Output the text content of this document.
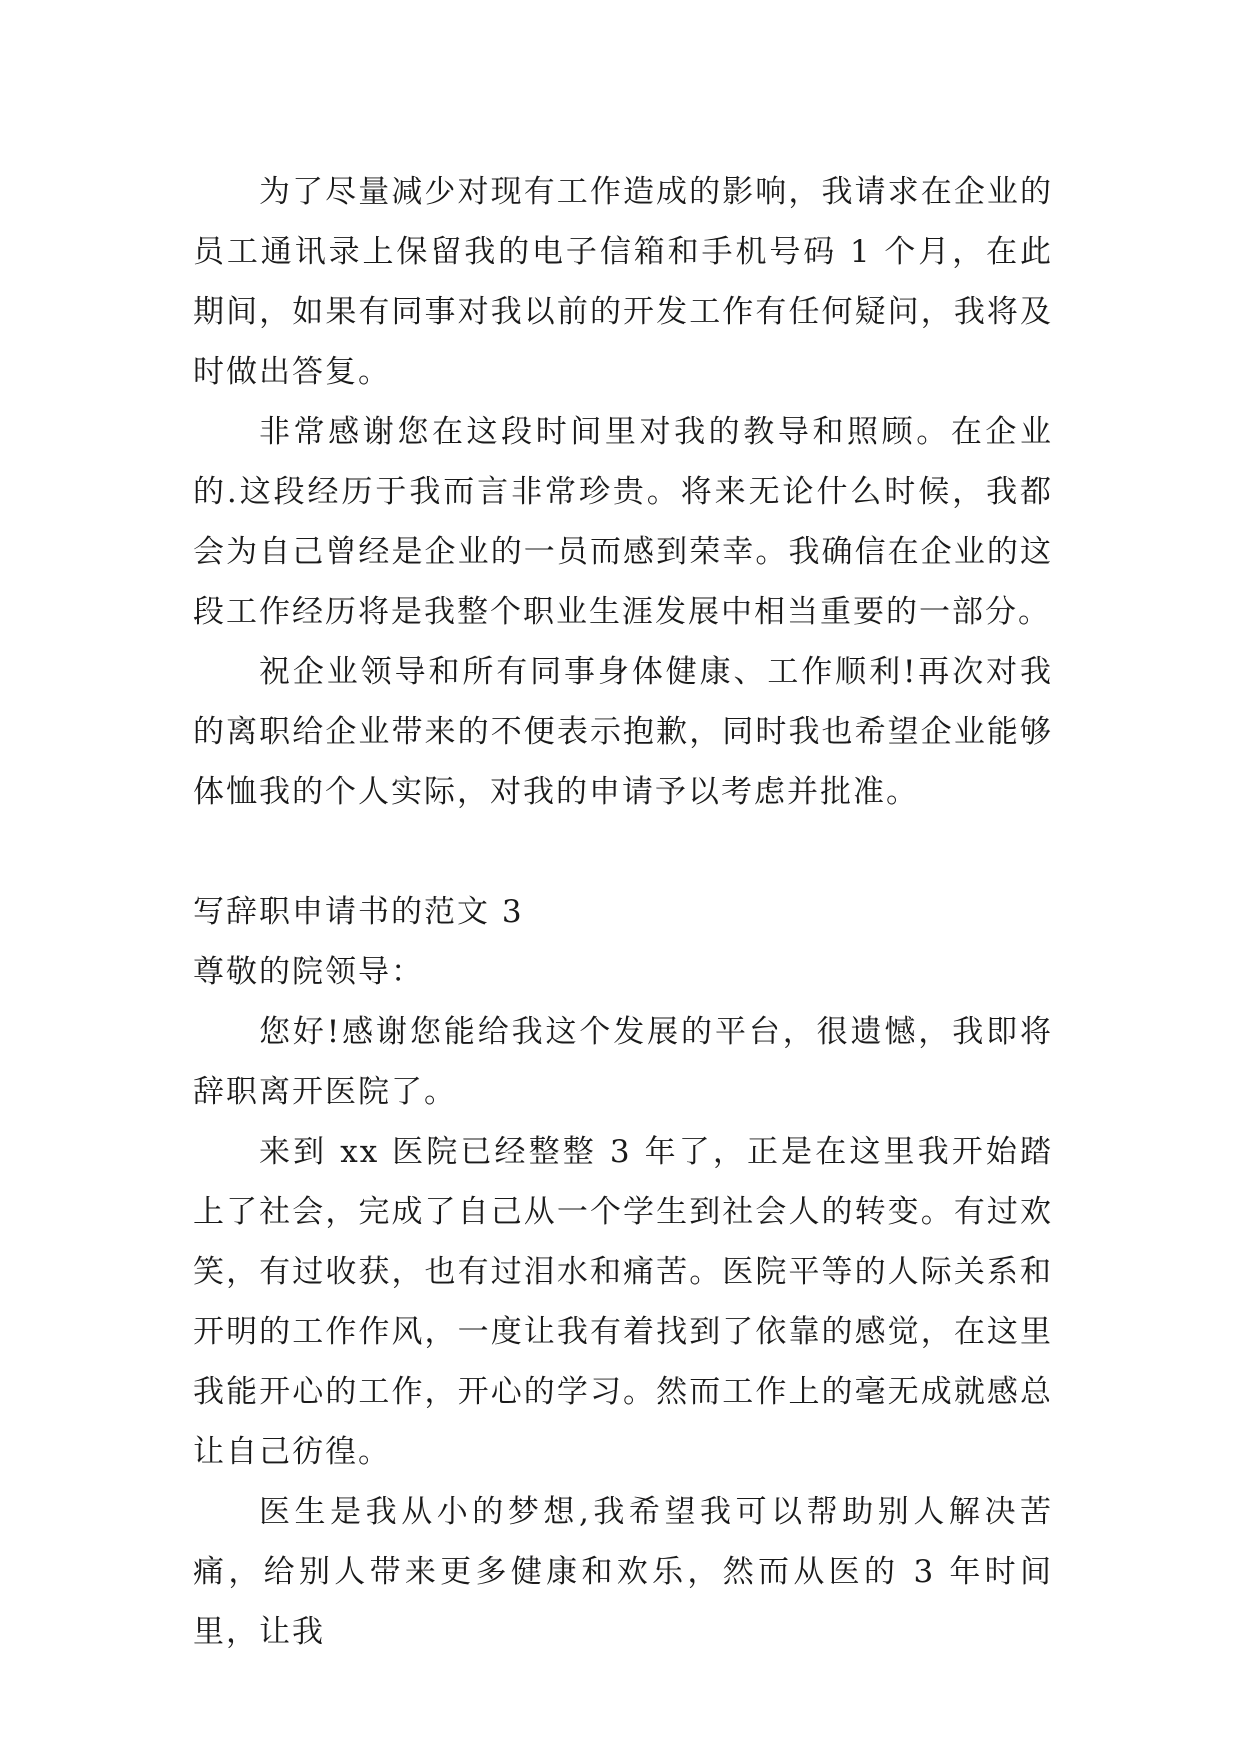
为了尽量减少对现有工作造成的影响，我请求在企业的员工通讯录上保留我的电子信箱和手机号码 1 个月，在此期间，如果有同事对我以前的开发工作有任何疑问，我将及时做出答复。

非常感谢您在这段时间里对我的教导和照顾。在企业的.这段经历于我而言非常珍贵。将来无论什么时候，我都会为自己曾经是企业的一员而感到荣幸。我确信在企业的这段工作经历将是我整个职业生涯发展中相当重要的一部分。

祝企业领导和所有同事身体健康、工作顺利!再次对我的离职给企业带来的不便表示抱歉，同时我也希望企业能够体恤我的个人实际，对我的申请予以考虑并批准。

写辞职申请书的范文 3

尊敬的院领导：

您好!感谢您能给我这个发展的平台，很遗憾，我即将辞职离开医院了。

来到 xx 医院已经整整 3 年了，正是在这里我开始踏上了社会，完成了自己从一个学生到社会人的转变。有过欢笑，有过收获，也有过泪水和痛苦。医院平等的人际关系和开明的工作作风，一度让我有着找到了依靠的感觉，在这里我能开心的工作，开心的学习。然而工作上的毫无成就感总让自己彷徨。

医生是我从小的梦想,我希望我可以帮助别人解决苦痛，给别人带来更多健康和欢乐，然而从医的 3 年时间里，让我
